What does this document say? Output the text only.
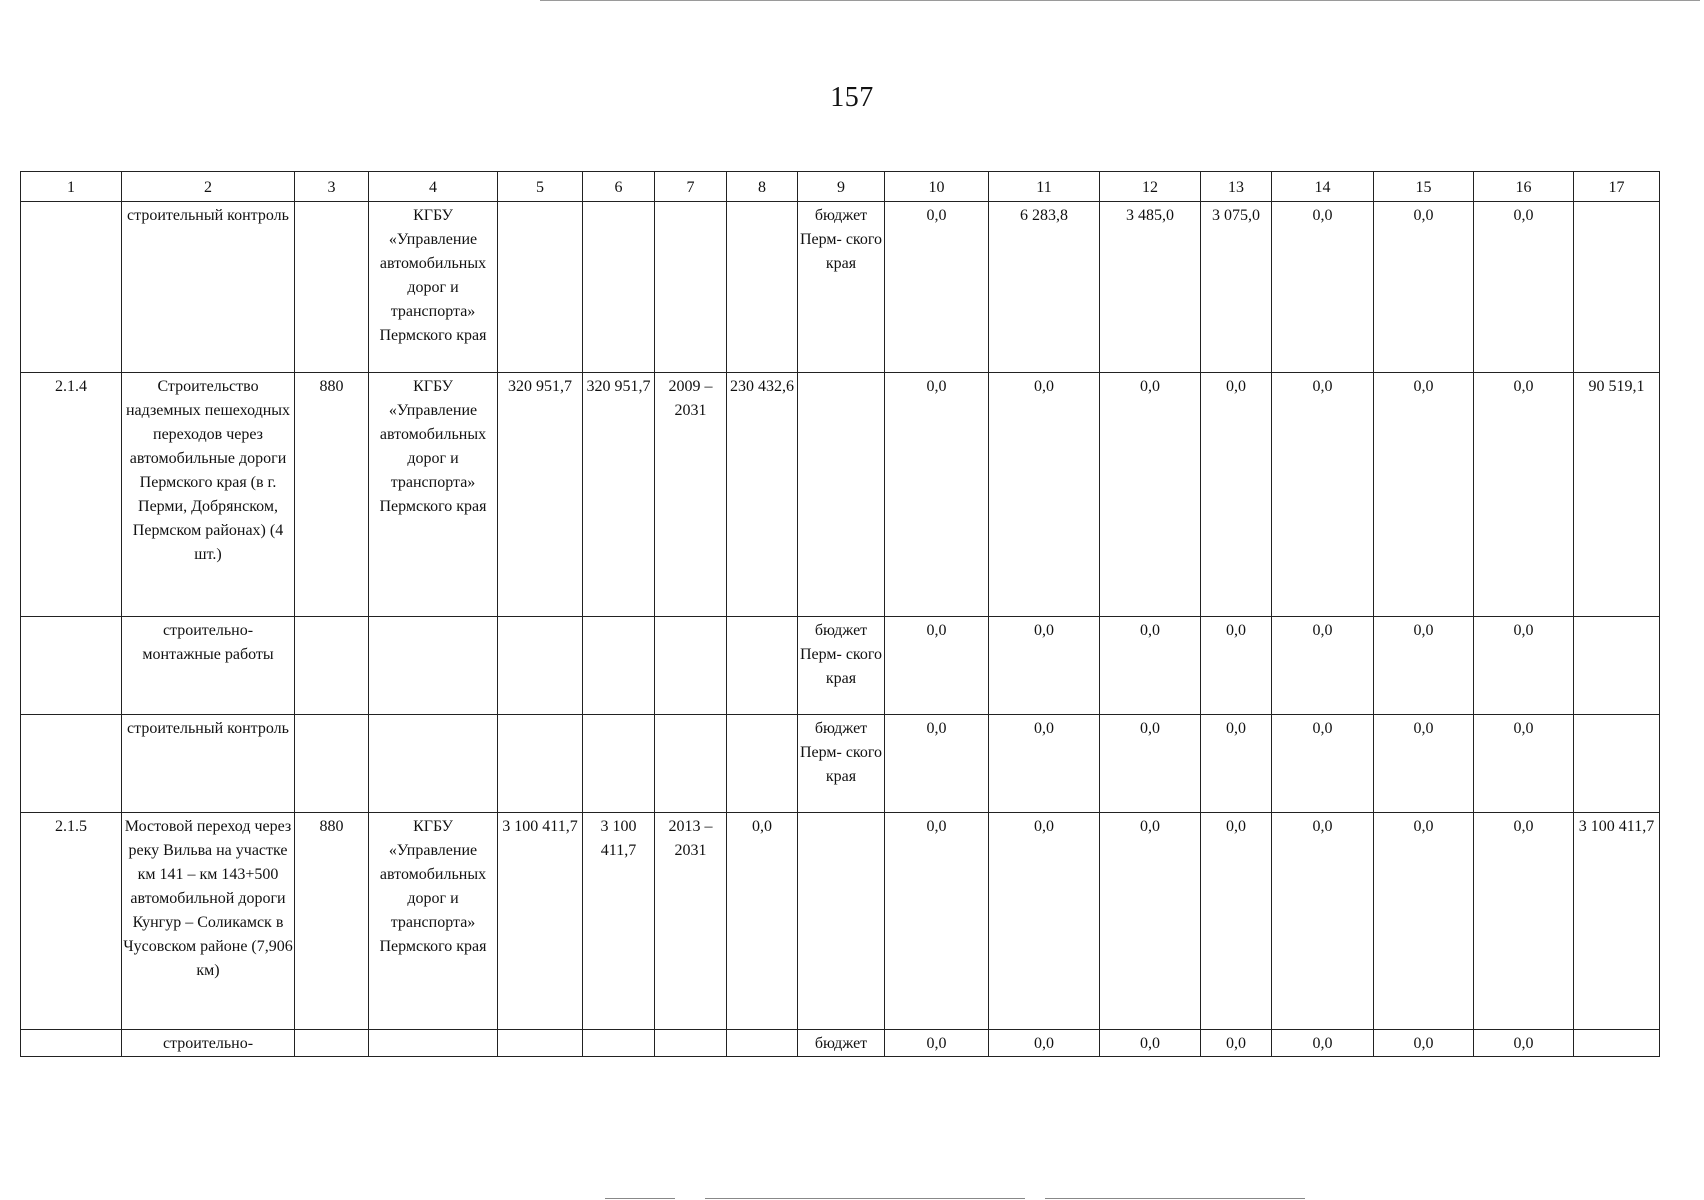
157
1	2	3	4	5	6	7	8	9	10	11	12	13	14	15	16	17
	строительный контроль		КГБУ «Управление автомобильных дорог и транспорта» Пермского края					бюджет Перм- ского края	0,0	6 283,8	3 485,0	3 075,0	0,0	0,0	0,0	
2.1.4	Строительство надземных пешеходных переходов через автомобильные дороги Пермского края (в г. Перми, Добрянском, Пермском районах) (4 шт.)	880	КГБУ «Управление автомобильных дорог и транспорта» Пермского края	320 951,7	320 951,7	2009 – 2031	230 432,6		0,0	0,0	0,0	0,0	0,0	0,0	0,0	90 519,1
	строительно- монтажные работы							бюджет Перм- ского края	0,0	0,0	0,0	0,0	0,0	0,0	0,0	
	строительный контроль							бюджет Перм- ского края	0,0	0,0	0,0	0,0	0,0	0,0	0,0	
2.1.5	Мостовой переход через реку Вильва на участке км 141 – км 143+500 автомобильной дороги Кунгур – Соликамск в Чусовском районе (7,906 км)	880	КГБУ «Управление автомобильных дорог и транспорта» Пермского края	3 100 411,7	3 100 411,7	2013 – 2031	0,0		0,0	0,0	0,0	0,0	0,0	0,0	0,0	3 100 411,7
	строительно-							бюджет	0,0	0,0	0,0	0,0	0,0	0,0	0,0	
